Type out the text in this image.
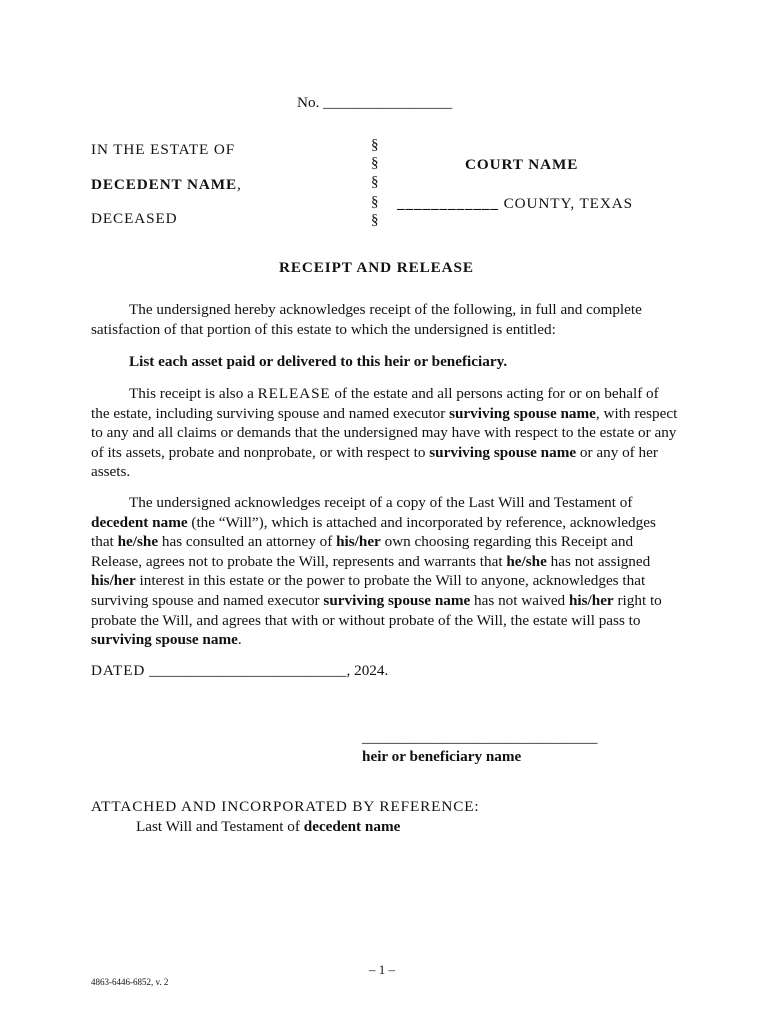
No. _________________
IN THE ESTATE OF
DECEDENT NAME,
DECEASED
§
§
§
§
§
COURT NAME
____________ COUNTY, TEXAS
RECEIPT AND RELEASE

The undersigned hereby acknowledges receipt of the following, in full and complete satisfaction of that portion of this estate to which the undersigned is entitled:

List each asset paid or delivered to this heir or beneficiary.

This receipt is also a RELEASE of the estate and all persons acting for or on behalf of the estate, including surviving spouse and named executor surviving spouse name, with respect to any and all claims or demands that the undersigned may have with respect to the estate or any of its assets, probate and nonprobate, or with respect to surviving spouse name or any of her assets.

The undersigned acknowledges receipt of a copy of the Last Will and Testament of decedent name (the “Will”), which is attached and incorporated by reference, acknowledges that he/she has consulted an attorney of his/her own choosing regarding this Receipt and Release, agrees not to probate the Will, represents and warrants that he/she has not assigned his/her interest in this estate or the power to probate the Will to anyone, acknowledges that surviving spouse and named executor surviving spouse name has not waived his/her right to probate the Will, and agrees that with or without probate of the Will, the estate will pass to surviving spouse name.

DATED __________________________, 2024.
_______________________________
heir or beneficiary name
ATTACHED AND INCORPORATED BY REFERENCE:
Last Will and Testament of decedent name
– 1 –
4863-6446-6852, v. 2
